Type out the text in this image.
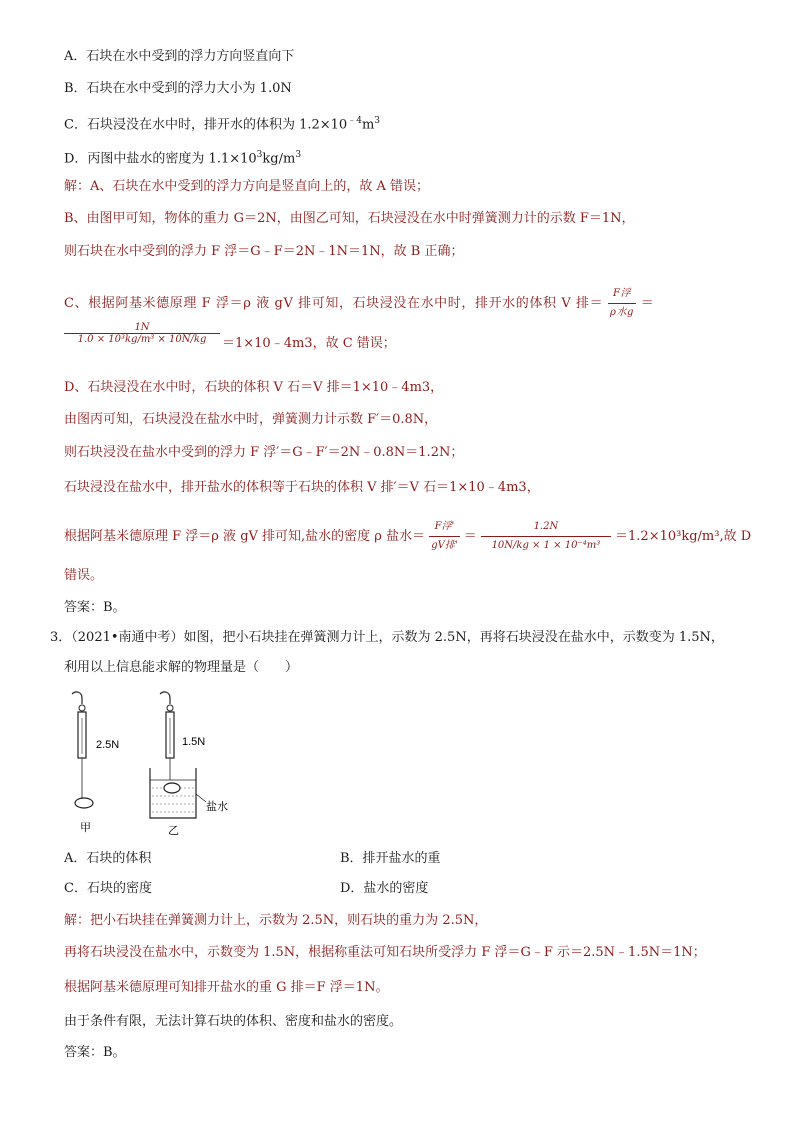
A．石块在水中受到的浮力方向竖直向下
B．石块在水中受到的浮力大小为 1.0N
C．石块浸没在水中时，排开水的体积为 $1.2\times 10^{﹣4}m^3$
D．丙图中盐水的密度为 $1.1\times 10^3kg/m^3$
解：A、石块在水中受到的浮力方向是竖直向上的，故 A 错误；
B、由图甲可知，物体的重力 G＝2N，由图乙可知，石块浸没在水中时弹簧测力计的示数 F＝1N，
则石块在水中受到的浮力 F 浮＝G﹣F＝2N﹣1N＝1N，故 B 正确；
C、根据阿基米德原理 F 浮＝ρ 液 gV 排可知，石块浸没在水中时，排开水的体积 V 排＝ $\frac{\text{F浮}}{\text{ρ水g}}$ ＝
$\frac{1N}{\text{1.0 × 10³kg/m³ × 10N/kg}}$ ＝1×10﹣4m3，故 C 错误；
D、石块浸没在水中时，石块的体积 V 石＝V 排＝1×10﹣4m3，
由图丙可知，石块浸没在盐水中时，弹簧测力计示数 F′＝0.8N，
则石块浸没在盐水中受到的浮力 F 浮′＝G﹣F′＝2N﹣0.8N＝1.2N；
石块浸没在盐水中，排开盐水的体积等于石块的体积 V 排′＝V 石＝1×10﹣4m3，
根据阿基米德原理 F 浮＝ρ 液 gV 排可知,盐水的密度 ρ 盐水＝ $\frac{\text{F浮'}}{\text{gV排'}} = \frac{1.2N}{\text{10N/kg × 1 × 10⁻⁴m³}} =1.2\times 10^3kg/m^3$,故 D
错误。
答案：B。
3．（2021•南通中考）如图，把小石块挂在弹簧测力计上，示数为 2.5N，再将石块浸没在盐水中，示数变为 1.5N，
利用以上信息能求解的物理量是（　　）
2.5N
甲
1.5N
盐水
乙
A．石块的体积	B．排开盐水的重
C．石块的密度	D．盐水的密度
解：把小石块挂在弹簧测力计上，示数为 2.5N，则石块的重力为 2.5N，
再将石块浸没在盐水中，示数变为 1.5N，根据称重法可知石块所受浮力 F 浮＝G﹣F 示＝2.5N﹣1.5N＝1N；
根据阿基米德原理可知排开盐水的重 G 排＝F 浮＝1N。
由于条件有限，无法计算石块的体积、密度和盐水的密度。
答案：B。
